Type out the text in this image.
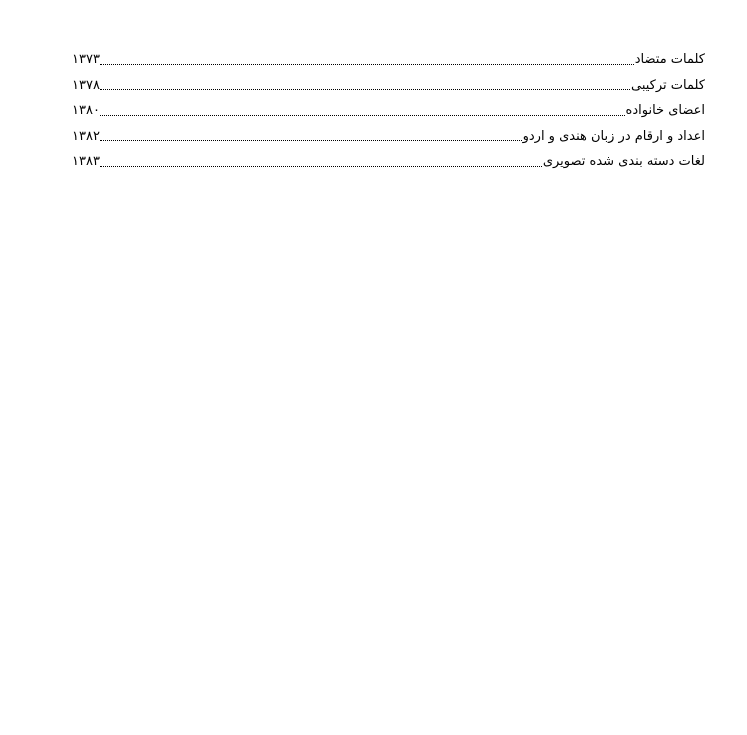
کلمات متضاد
۱۳۷۳
کلمات ترکیبی
۱۳۷۸
اعضای خانواده
۱۳۸۰
اعداد و ارقام در زبان هندی و اردو
۱۳۸۲
لغات دسته بندی شده تصویری
۱۳۸۳
